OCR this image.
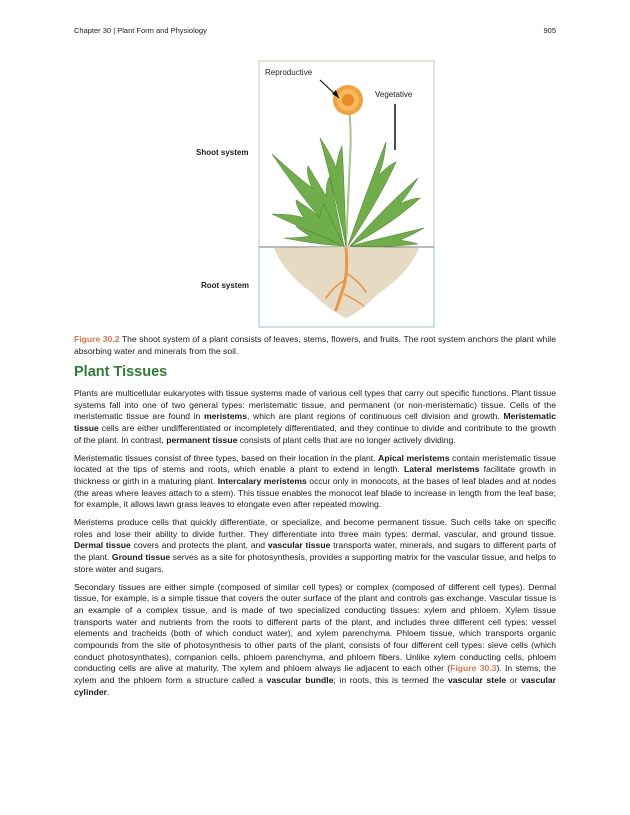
Chapter 30 | Plant Form and Physiology	905
Shoot system
Root system
Reproductive
Vegetative
Figure 30.2 The shoot system of a plant consists of leaves, stems, flowers, and fruits. The root system anchors the plant while absorbing water and minerals from the soil.
Plant Tissues

Plants are multicellular eukaryotes with tissue systems made of various cell types that carry out specific functions. Plant tissue systems fall into one of two general types: meristematic tissue, and permanent (or non-meristematic) tissue. Cells of the meristematic tissue are found in meristems, which are plant regions of continuous cell division and growth. Meristematic tissue cells are either undifferentiated or incompletely differentiated, and they continue to divide and contribute to the growth of the plant. In contrast, permanent tissue consists of plant cells that are no longer actively dividing.

Meristematic tissues consist of three types, based on their location in the plant. Apical meristems contain meristematic tissue located at the tips of stems and roots, which enable a plant to extend in length. Lateral meristems facilitate growth in thickness or girth in a maturing plant. Intercalary meristems occur only in monocots, at the bases of leaf blades and at nodes (the areas where leaves attach to a stem). This tissue enables the monocot leaf blade to increase in length from the leaf base; for example, it allows lawn grass leaves to elongate even after repeated mowing.

Meristems produce cells that quickly differentiate, or specialize, and become permanent tissue. Such cells take on specific roles and lose their ability to divide further. They differentiate into three main types: dermal, vascular, and ground tissue. Dermal tissue covers and protects the plant, and vascular tissue transports water, minerals, and sugars to different parts of the plant. Ground tissue serves as a site for photosynthesis, provides a supporting matrix for the vascular tissue, and helps to store water and sugars.

Secondary tissues are either simple (composed of similar cell types) or complex (composed of different cell types). Dermal tissue, for example, is a simple tissue that covers the outer surface of the plant and controls gas exchange. Vascular tissue is an example of a complex tissue, and is made of two specialized conducting tissues: xylem and phloem. Xylem tissue transports water and nutrients from the roots to different parts of the plant, and includes three different cell types: vessel elements and tracheids (both of which conduct water), and xylem parenchyma. Phloem tissue, which transports organic compounds from the site of photosynthesis to other parts of the plant, consists of four different cell types: sieve cells (which conduct photosynthates), companion cells, phloem parenchyma, and phloem fibers. Unlike xylem conducting cells, phloem conducting cells are alive at maturity. The xylem and phloem always lie adjacent to each other (Figure 30.3). In stems, the xylem and the phloem form a structure called a vascular bundle; in roots, this is termed the vascular stele or vascular cylinder.
